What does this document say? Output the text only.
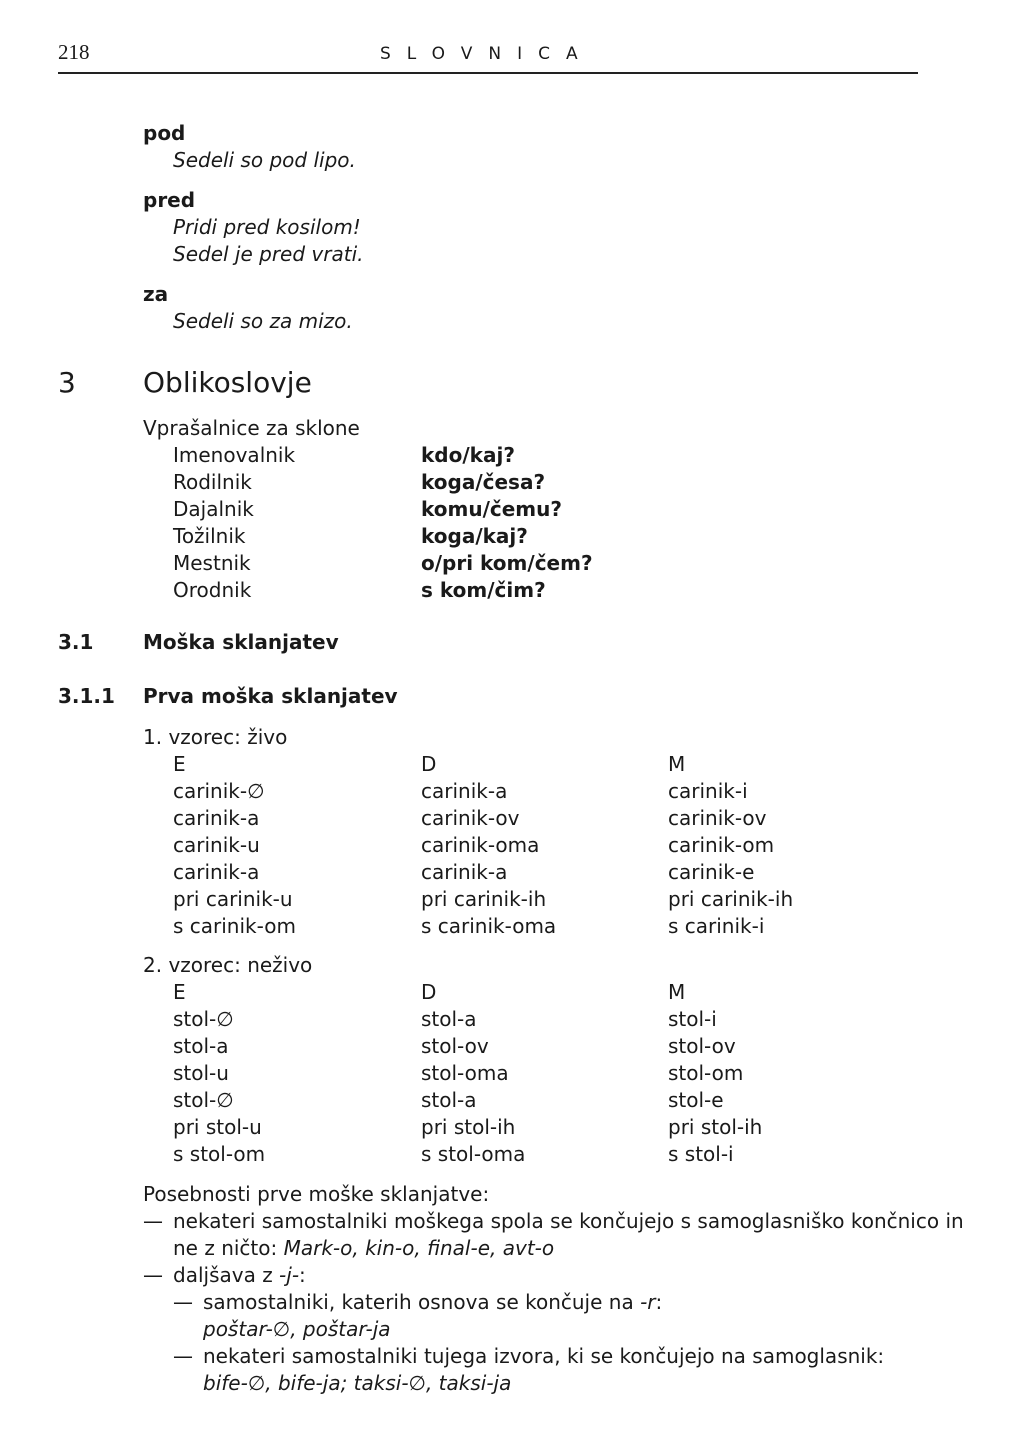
218	SLOVNICA
pod
Sedeli so pod lipo.
pred
Pridi pred kosilom!
Sedel je pred vrati.
za
Sedeli so za mizo.
3 Oblikoslovje
Vprašalnice za sklone
Imenovalnik
Rodilnik
Dajalnik
Tožilnik
Mestnik
Orodnik
kdo/kaj?
koga/česa?
komu/čemu?
koga/kaj?
o/pri kom/čem?
s kom/čim?
3.1 Moška sklanjatev
3.1.1 Prva moška sklanjatev
1. vzorec: živo
E
carinik-∅
carinik-a
carinik-u
carinik-a
pri carinik-u
s carinik-om
D
carinik-a
carinik-ov
carinik-oma
carinik-a
pri carinik-ih
s carinik-oma
M
carinik-i
carinik-ov
carinik-om
carinik-e
pri carinik-ih
s carinik-i
2. vzorec: neživo
E
stol-∅
stol-a
stol-u
stol-∅
pri stol-u
s stol-om
D
stol-a
stol-ov
stol-oma
stol-a
pri stol-ih
s stol-oma
M
stol-i
stol-ov
stol-om
stol-e
pri stol-ih
s stol-i
Posebnosti prve moške sklanjatve:
— nekateri samostalniki moškega spola se končujejo s samoglasniško končnico in
ne z ničto: Mark-o, kin-o, final-e, avt-o
— daljšava z -j-:
— samostalniki, katerih osnova se končuje na -r:
poštar-∅, poštar-ja
— nekateri samostalniki tujega izvora, ki se končujejo na samoglasnik:
bife-∅, bife-ja; taksi-∅, taksi-ja
